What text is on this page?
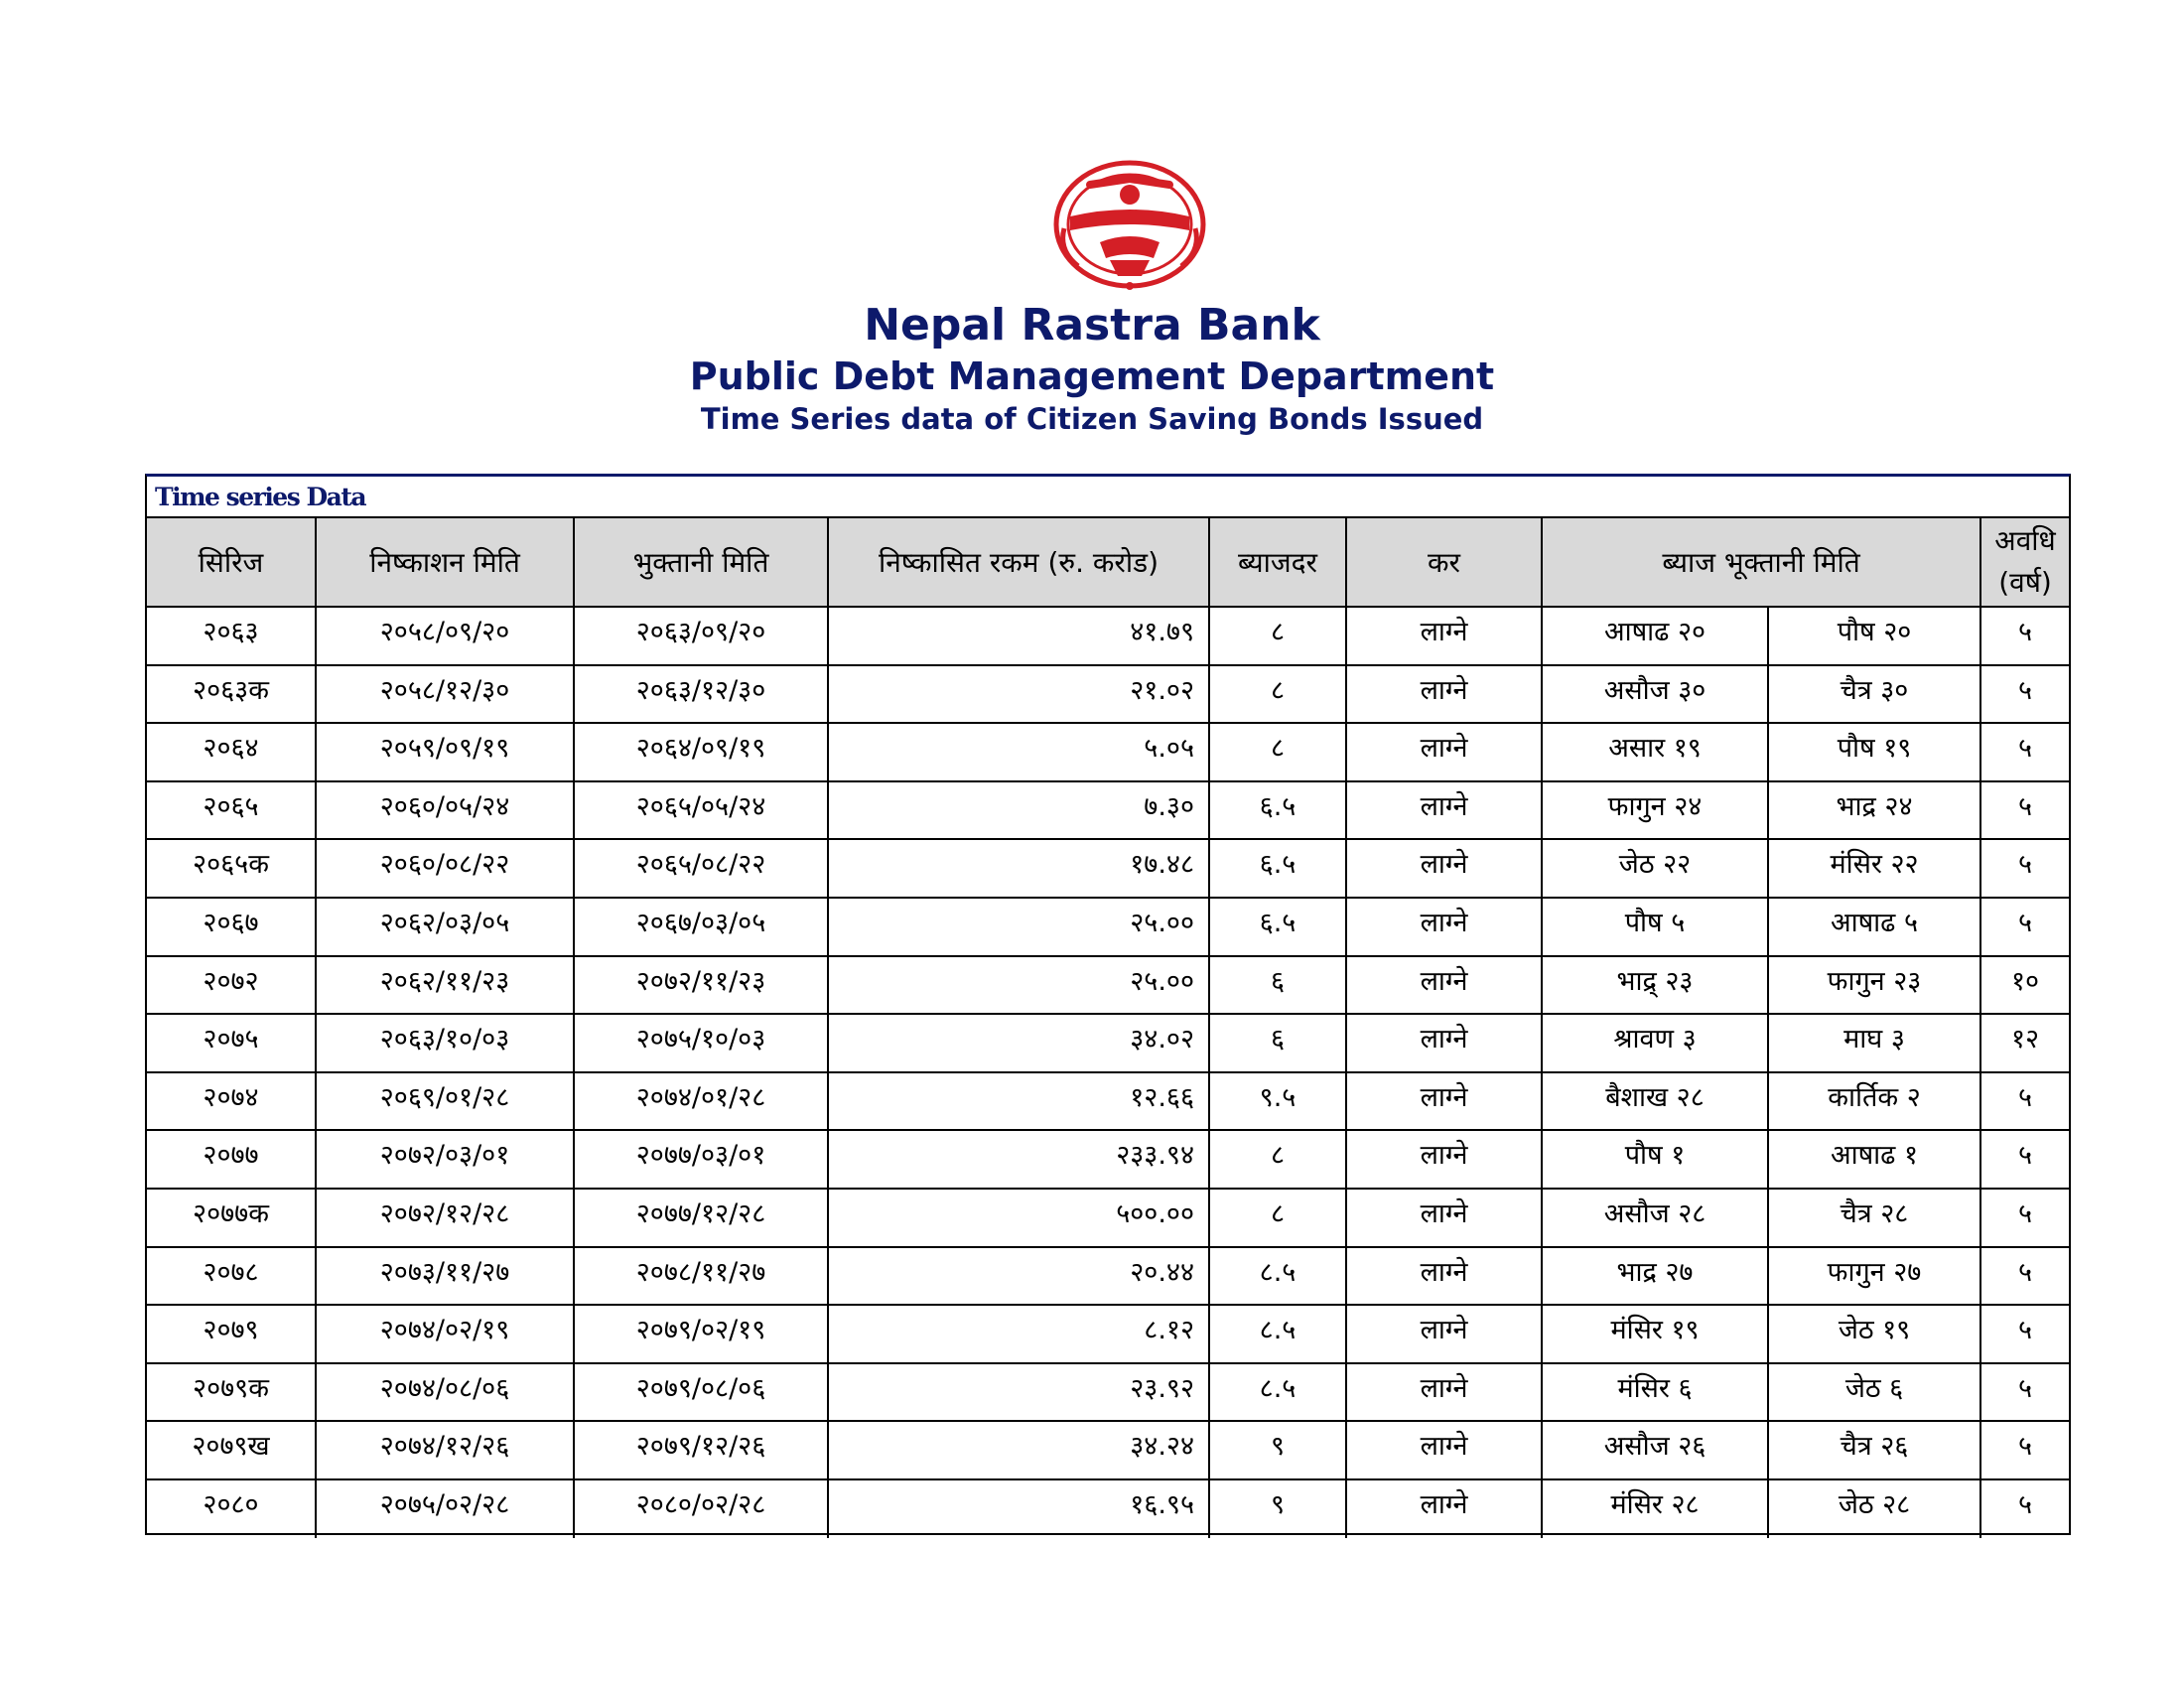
Nepal Rastra Bank
Public Debt Management Department
Time Series data of Citizen Saving Bonds Issued
Time series Data
सिरिज	निष्काशन मिति	भुक्तानी मिति	निष्कासित रकम (रु. करोड)	ब्याजदर	कर	ब्याज भूक्तानी मिति		अवधि
(वर्ष)

२०६३	२०५८/०९/२०	२०६३/०९/२०	४१.७९	८	लाग्ने	आषाढ २०	पौष २०	५
२०६३क	२०५८/१२/३०	२०६३/१२/३०	२१.०२	८	लाग्ने	असौज ३०	चैत्र ३०	५
२०६४	२०५९/०९/१९	२०६४/०९/१९	५.०५	८	लाग्ने	असार १९	पौष १९	५
२०६५	२०६०/०५/२४	२०६५/०५/२४	७.३०	६.५	लाग्ने	फागुन २४	भाद्र २४	५
२०६५क	२०६०/०८/२२	२०६५/०८/२२	१७.४८	६.५	लाग्ने	जेठ २२	मंसिर २२	५
२०६७	२०६२/०३/०५	२०६७/०३/०५	२५.००	६.५	लाग्ने	पौष ५	आषाढ ५	५
२०७२	२०६२/११/२३	२०७२/११/२३	२५.००	६	लाग्ने	भाद्र् २३	फागुन २३	१०
२०७५	२०६३/१०/०३	२०७५/१०/०३	३४.०२	६	लाग्ने	श्रावण ३	माघ ३	१२
२०७४	२०६९/०१/२८	२०७४/०१/२८	१२.६६	९.५	लाग्ने	बैशाख २८	कार्तिक २	५
२०७७	२०७२/०३/०१	२०७७/०३/०१	२३३.९४	८	लाग्ने	पौष १	आषाढ १	५
२०७७क	२०७२/१२/२८	२०७७/१२/२८	५००.००	८	लाग्ने	असौज २८	चैत्र २८	५
२०७८	२०७३/११/२७	२०७८/११/२७	२०.४४	८.५	लाग्ने	भाद्र २७	फागुन २७	५
२०७९	२०७४/०२/१९	२०७९/०२/१९	८.१२	८.५	लाग्ने	मंसिर १९	जेठ १९	५
२०७९क	२०७४/०८/०६	२०७९/०८/०६	२३.९२	८.५	लाग्ने	मंसिर ६	जेठ ६	५
२०७९ख	२०७४/१२/२६	२०७९/१२/२६	३४.२४	९	लाग्ने	असौज २६	चैत्र २६	५
२०८०	२०७५/०२/२८	२०८०/०२/२८	१६.९५	९	लाग्ने	मंसिर २८	जेठ २८	५
